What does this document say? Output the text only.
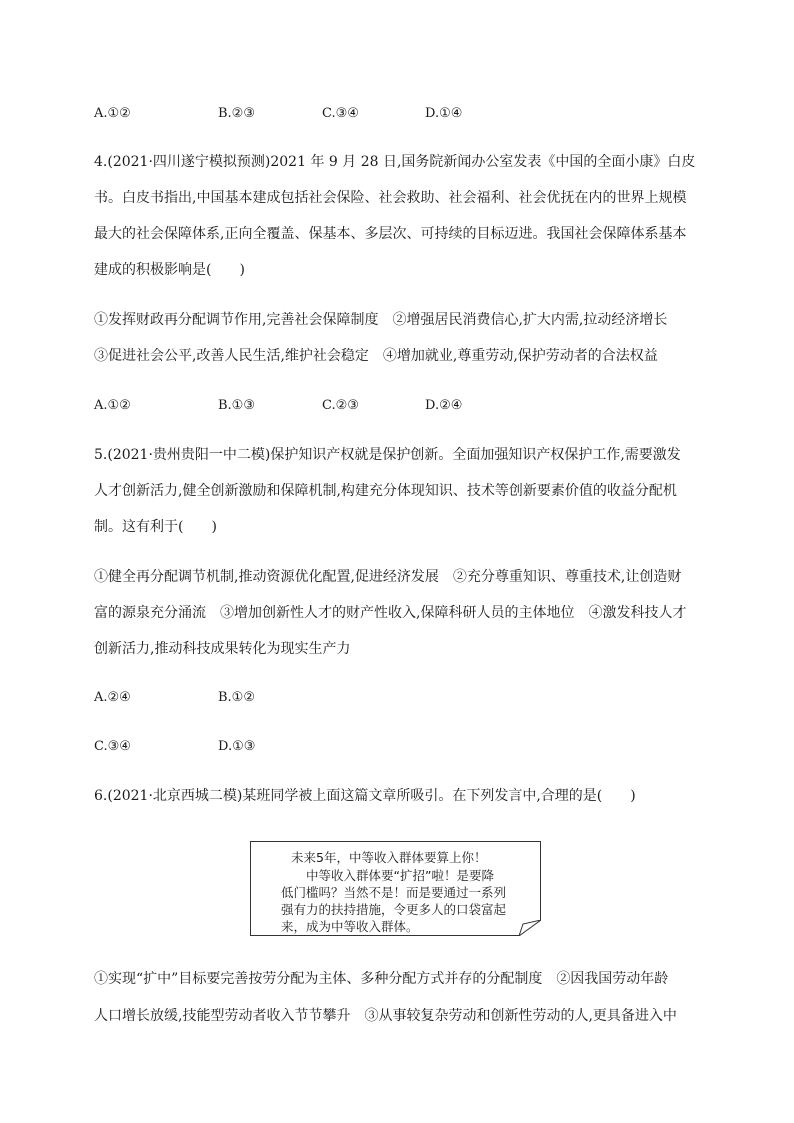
A.①②	B.②③	C.③④	D.①④
4.(2021·四川遂宁模拟预测)2021 年 9 月 28 日,国务院新闻办公室发表《中国的全面小康》白皮
书。白皮书指出,中国基本建成包括社会保险、社会救助、社会福利、社会优抚在内的世界上规模
最大的社会保障体系,正向全覆盖、保基本、多层次、可持续的目标迈进。我国社会保障体系基本
建成的积极影响是(　　)
①发挥财政再分配调节作用,完善社会保障制度　②增强居民消费信心,扩大内需,拉动经济增长
③促进社会公平,改善人民生活,维护社会稳定　④增加就业,尊重劳动,保护劳动者的合法权益
A.①②	B.①③	C.②③	D.②④
5.(2021·贵州贵阳一中二模)保护知识产权就是保护创新。全面加强知识产权保护工作,需要激发
人才创新活力,健全创新激励和保障机制,构建充分体现知识、技术等创新要素价值的收益分配机
制。这有利于(　　)
①健全再分配调节机制,推动资源优化配置,促进经济发展　②充分尊重知识、尊重技术,让创造财
富的源泉充分涌流　③增加创新性人才的财产性收入,保障科研人员的主体地位　④激发科技人才
创新活力,推动科技成果转化为现实生产力
A.②④	B.①②
C.③④	D.①③
6.(2021·北京西城二模)某班同学被上面这篇文章所吸引。在下列发言中,合理的是(　　)
未来5年，中等收入群体要算上你！
　　中等收入群体要“扩招”啦！是要降
低门槛吗？当然不是！而是要通过一系列
强有力的扶持措施，令更多人的口袋富起
来，成为中等收入群体。
①实现“扩中”目标要完善按劳分配为主体、多种分配方式并存的分配制度　②因我国劳动年龄
人口增长放缓,技能型劳动者收入节节攀升　③从事较复杂劳动和创新性劳动的人,更具备进入中
